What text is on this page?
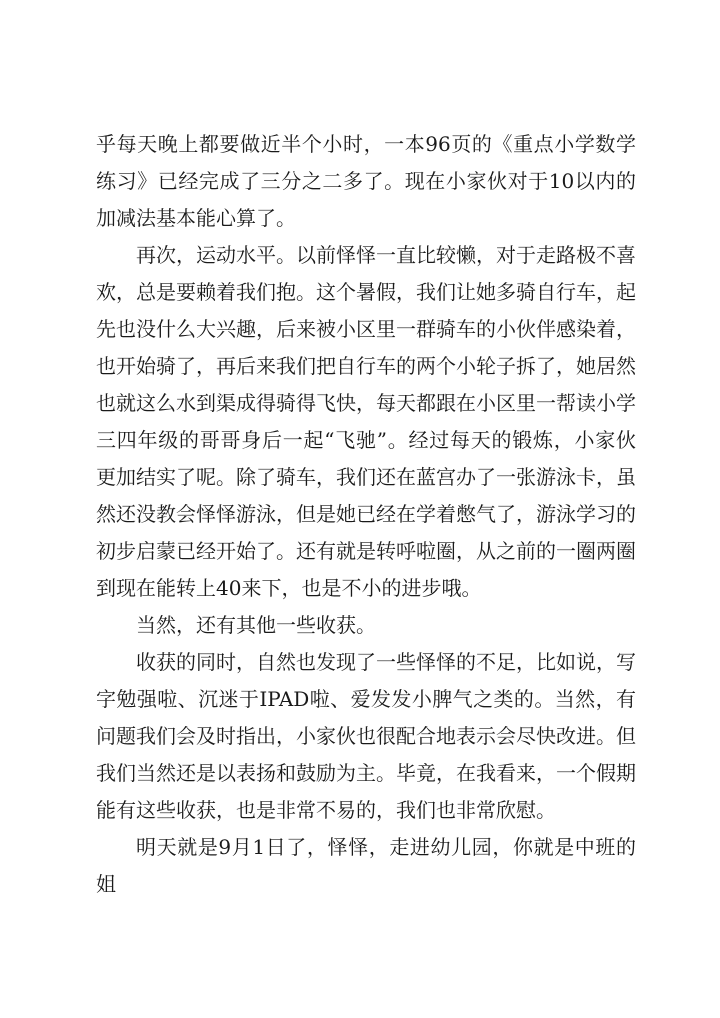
乎每天晚上都要做近半个小时，一本96页的《重点小学数学练习》已经完成了三分之二多了。现在小家伙对于10以内的加减法基本能心算了。

再次，运动水平。以前怿怿一直比较懒，对于走路极不喜欢，总是要赖着我们抱。这个暑假，我们让她多骑自行车，起先也没什么大兴趣，后来被小区里一群骑车的小伙伴感染着，也开始骑了，再后来我们把自行车的两个小轮子拆了，她居然也就这么水到渠成得骑得飞快，每天都跟在小区里一帮读小学三四年级的哥哥身后一起“飞驰”。经过每天的锻炼，小家伙更加结实了呢。除了骑车，我们还在蓝宫办了一张游泳卡，虽然还没教会怿怿游泳，但是她已经在学着憋气了，游泳学习的初步启蒙已经开始了。还有就是转呼啦圈，从之前的一圈两圈到现在能转上40来下，也是不小的进步哦。

当然，还有其他一些收获。

收获的同时，自然也发现了一些怿怿的不足，比如说，写字勉强啦、沉迷于IPAD啦、爱发发小脾气之类的。当然，有问题我们会及时指出，小家伙也很配合地表示会尽快改进。但我们当然还是以表扬和鼓励为主。毕竟，在我看来，一个假期能有这些收获，也是非常不易的，我们也非常欣慰。

明天就是9月1日了，怿怿，走进幼儿园，你就是中班的姐
